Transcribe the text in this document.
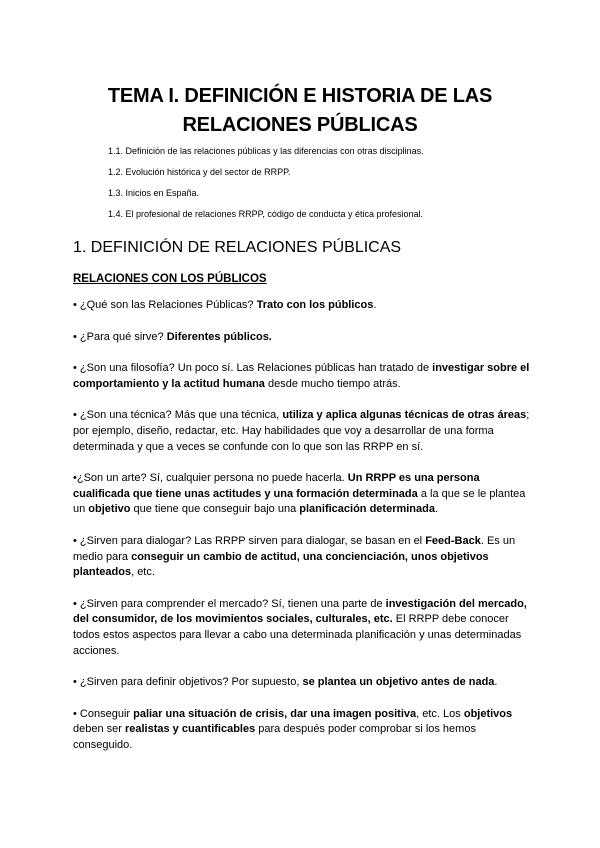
TEMA I. DEFINICIÓN E HISTORIA DE LAS
RELACIONES PÚBLICAS
1.1. Definición de las relaciones públicas y las diferencias con otras disciplinas.
1.2. Evolución histórica y del sector de RRPP.
1.3. Inicios en España.
1.4. El profesional de relaciones RRPP, código de conducta y ética profesional.
1. DEFINICIÓN DE RELACIONES PÚBLICAS
RELACIONES CON LOS PÚBLICOS

• ¿Qué son las Relaciones Públicas? Trato con los públicos.

• ¿Para qué sirve? Diferentes públicos.

• ¿Son una filosofía? Un poco sí. Las Relaciones públicas han tratado de investigar sobre el comportamiento y la actitud humana desde mucho tiempo atrás.

• ¿Son una técnica? Más que una técnica, utiliza y aplica algunas técnicas de otras áreas; por ejemplo, diseño, redactar, etc. Hay habilidades que voy a desarrollar de una forma determinada y que a veces se confunde con lo que son las RRPP en sí.

•¿Son un arte? Sí, cualquier persona no puede hacerla. Un RRPP es una persona cualificada que tiene unas actitudes y una formación determinada a la que se le plantea un objetivo que tiene que conseguir bajo una planificación determinada.

• ¿Sirven para dialogar? Las RRPP sirven para dialogar, se basan en el Feed-Back. Es un medio para conseguir un cambio de actitud, una concienciación, unos objetivos planteados, etc.

• ¿Sirven para comprender el mercado? Sí, tienen una parte de investigación del mercado, del consumidor, de los movimientos sociales, culturales, etc. El RRPP debe conocer todos estos aspectos para llevar a cabo una determinada planificación y unas determinadas acciones.

• ¿Sirven para definir objetivos? Por supuesto, se plantea un objetivo antes de nada.

• Conseguir paliar una situación de crisis, dar una imagen positiva, etc. Los objetivos deben ser realistas y cuantificables para después poder comprobar si los hemos conseguido.
